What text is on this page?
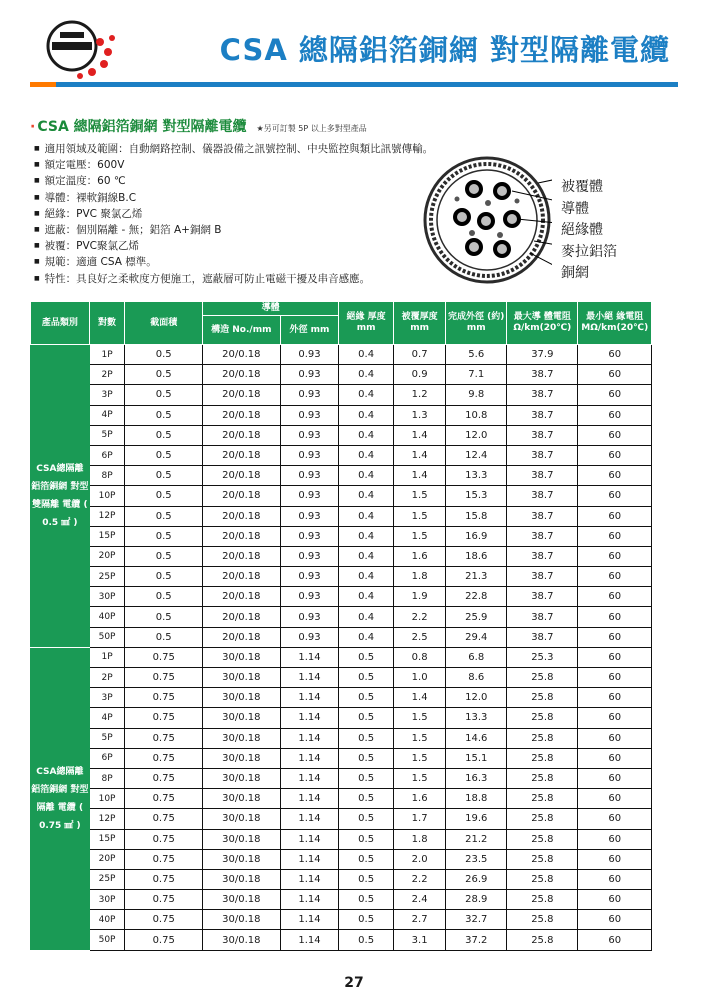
CSA 總隔鋁箔銅網 對型隔離電纜
· CSA 總隔鋁箔銅網 對型隔離電纜 ★另可訂製 5P 以上多對型產品
■ 適用領域及範圍：自動網路控制、儀器設備之訊號控制、中央監控與類比訊號傳輸。
■ 額定電壓：600V
■ 額定溫度：60 ℃
■ 導體：裸軟銅線B.C
■ 絕緣：PVC 聚氯乙烯
■ 遮蔽：個別隔離 - 無；鋁箔 A+銅網 B
■ 被覆：PVC聚氯乙烯
■ 規範：適適 CSA 標準。
■ 特性：具良好之柔軟度方便施工，遮蔽層可防止電磁干擾及串音感應。
被覆體
導體
絕緣體
麥拉鋁箔
銅網
產品類別	對數	截面積	導體		絕緣 厚度 mm	被覆厚度 mm	完成外徑 (約) mm	最大導 體電阻 Ω/km(20℃)	最小絕 緣電阻 MΩ/km(20℃)
			構造 No./mm	外徑 mm					
CSA總隔離 鋁箔銅網 對型雙隔離 電纜 ( 0.5 ㎟ )	1P	0.5	20/0.18	0.93	0.4	0.7	5.6	37.9	60
	2P	0.5	20/0.18	0.93	0.4	0.9	7.1	38.7	60
	3P	0.5	20/0.18	0.93	0.4	1.2	9.8	38.7	60
	4P	0.5	20/0.18	0.93	0.4	1.3	10.8	38.7	60
	5P	0.5	20/0.18	0.93	0.4	1.4	12.0	38.7	60
	6P	0.5	20/0.18	0.93	0.4	1.4	12.4	38.7	60
	8P	0.5	20/0.18	0.93	0.4	1.4	13.3	38.7	60
	10P	0.5	20/0.18	0.93	0.4	1.5	15.3	38.7	60
	12P	0.5	20/0.18	0.93	0.4	1.5	15.8	38.7	60
	15P	0.5	20/0.18	0.93	0.4	1.5	16.9	38.7	60
	20P	0.5	20/0.18	0.93	0.4	1.6	18.6	38.7	60
	25P	0.5	20/0.18	0.93	0.4	1.8	21.3	38.7	60
	30P	0.5	20/0.18	0.93	0.4	1.9	22.8	38.7	60
	40P	0.5	20/0.18	0.93	0.4	2.2	25.9	38.7	60
	50P	0.5	20/0.18	0.93	0.4	2.5	29.4	38.7	60
CSA總隔離 鋁箔銅網 對型隔離 電纜 ( 0.75 ㎟ )	1P	0.75	30/0.18	1.14	0.5	0.8	6.8	25.3	60
	2P	0.75	30/0.18	1.14	0.5	1.0	8.6	25.8	60
	3P	0.75	30/0.18	1.14	0.5	1.4	12.0	25.8	60
	4P	0.75	30/0.18	1.14	0.5	1.5	13.3	25.8	60
	5P	0.75	30/0.18	1.14	0.5	1.5	14.6	25.8	60
	6P	0.75	30/0.18	1.14	0.5	1.5	15.1	25.8	60
	8P	0.75	30/0.18	1.14	0.5	1.5	16.3	25.8	60
	10P	0.75	30/0.18	1.14	0.5	1.6	18.8	25.8	60
	12P	0.75	30/0.18	1.14	0.5	1.7	19.6	25.8	60
	15P	0.75	30/0.18	1.14	0.5	1.8	21.2	25.8	60
	20P	0.75	30/0.18	1.14	0.5	2.0	23.5	25.8	60
	25P	0.75	30/0.18	1.14	0.5	2.2	26.9	25.8	60
	30P	0.75	30/0.18	1.14	0.5	2.4	28.9	25.8	60
	40P	0.75	30/0.18	1.14	0.5	2.7	32.7	25.8	60
	50P	0.75	30/0.18	1.14	0.5	3.1	37.2	25.8	60
27
